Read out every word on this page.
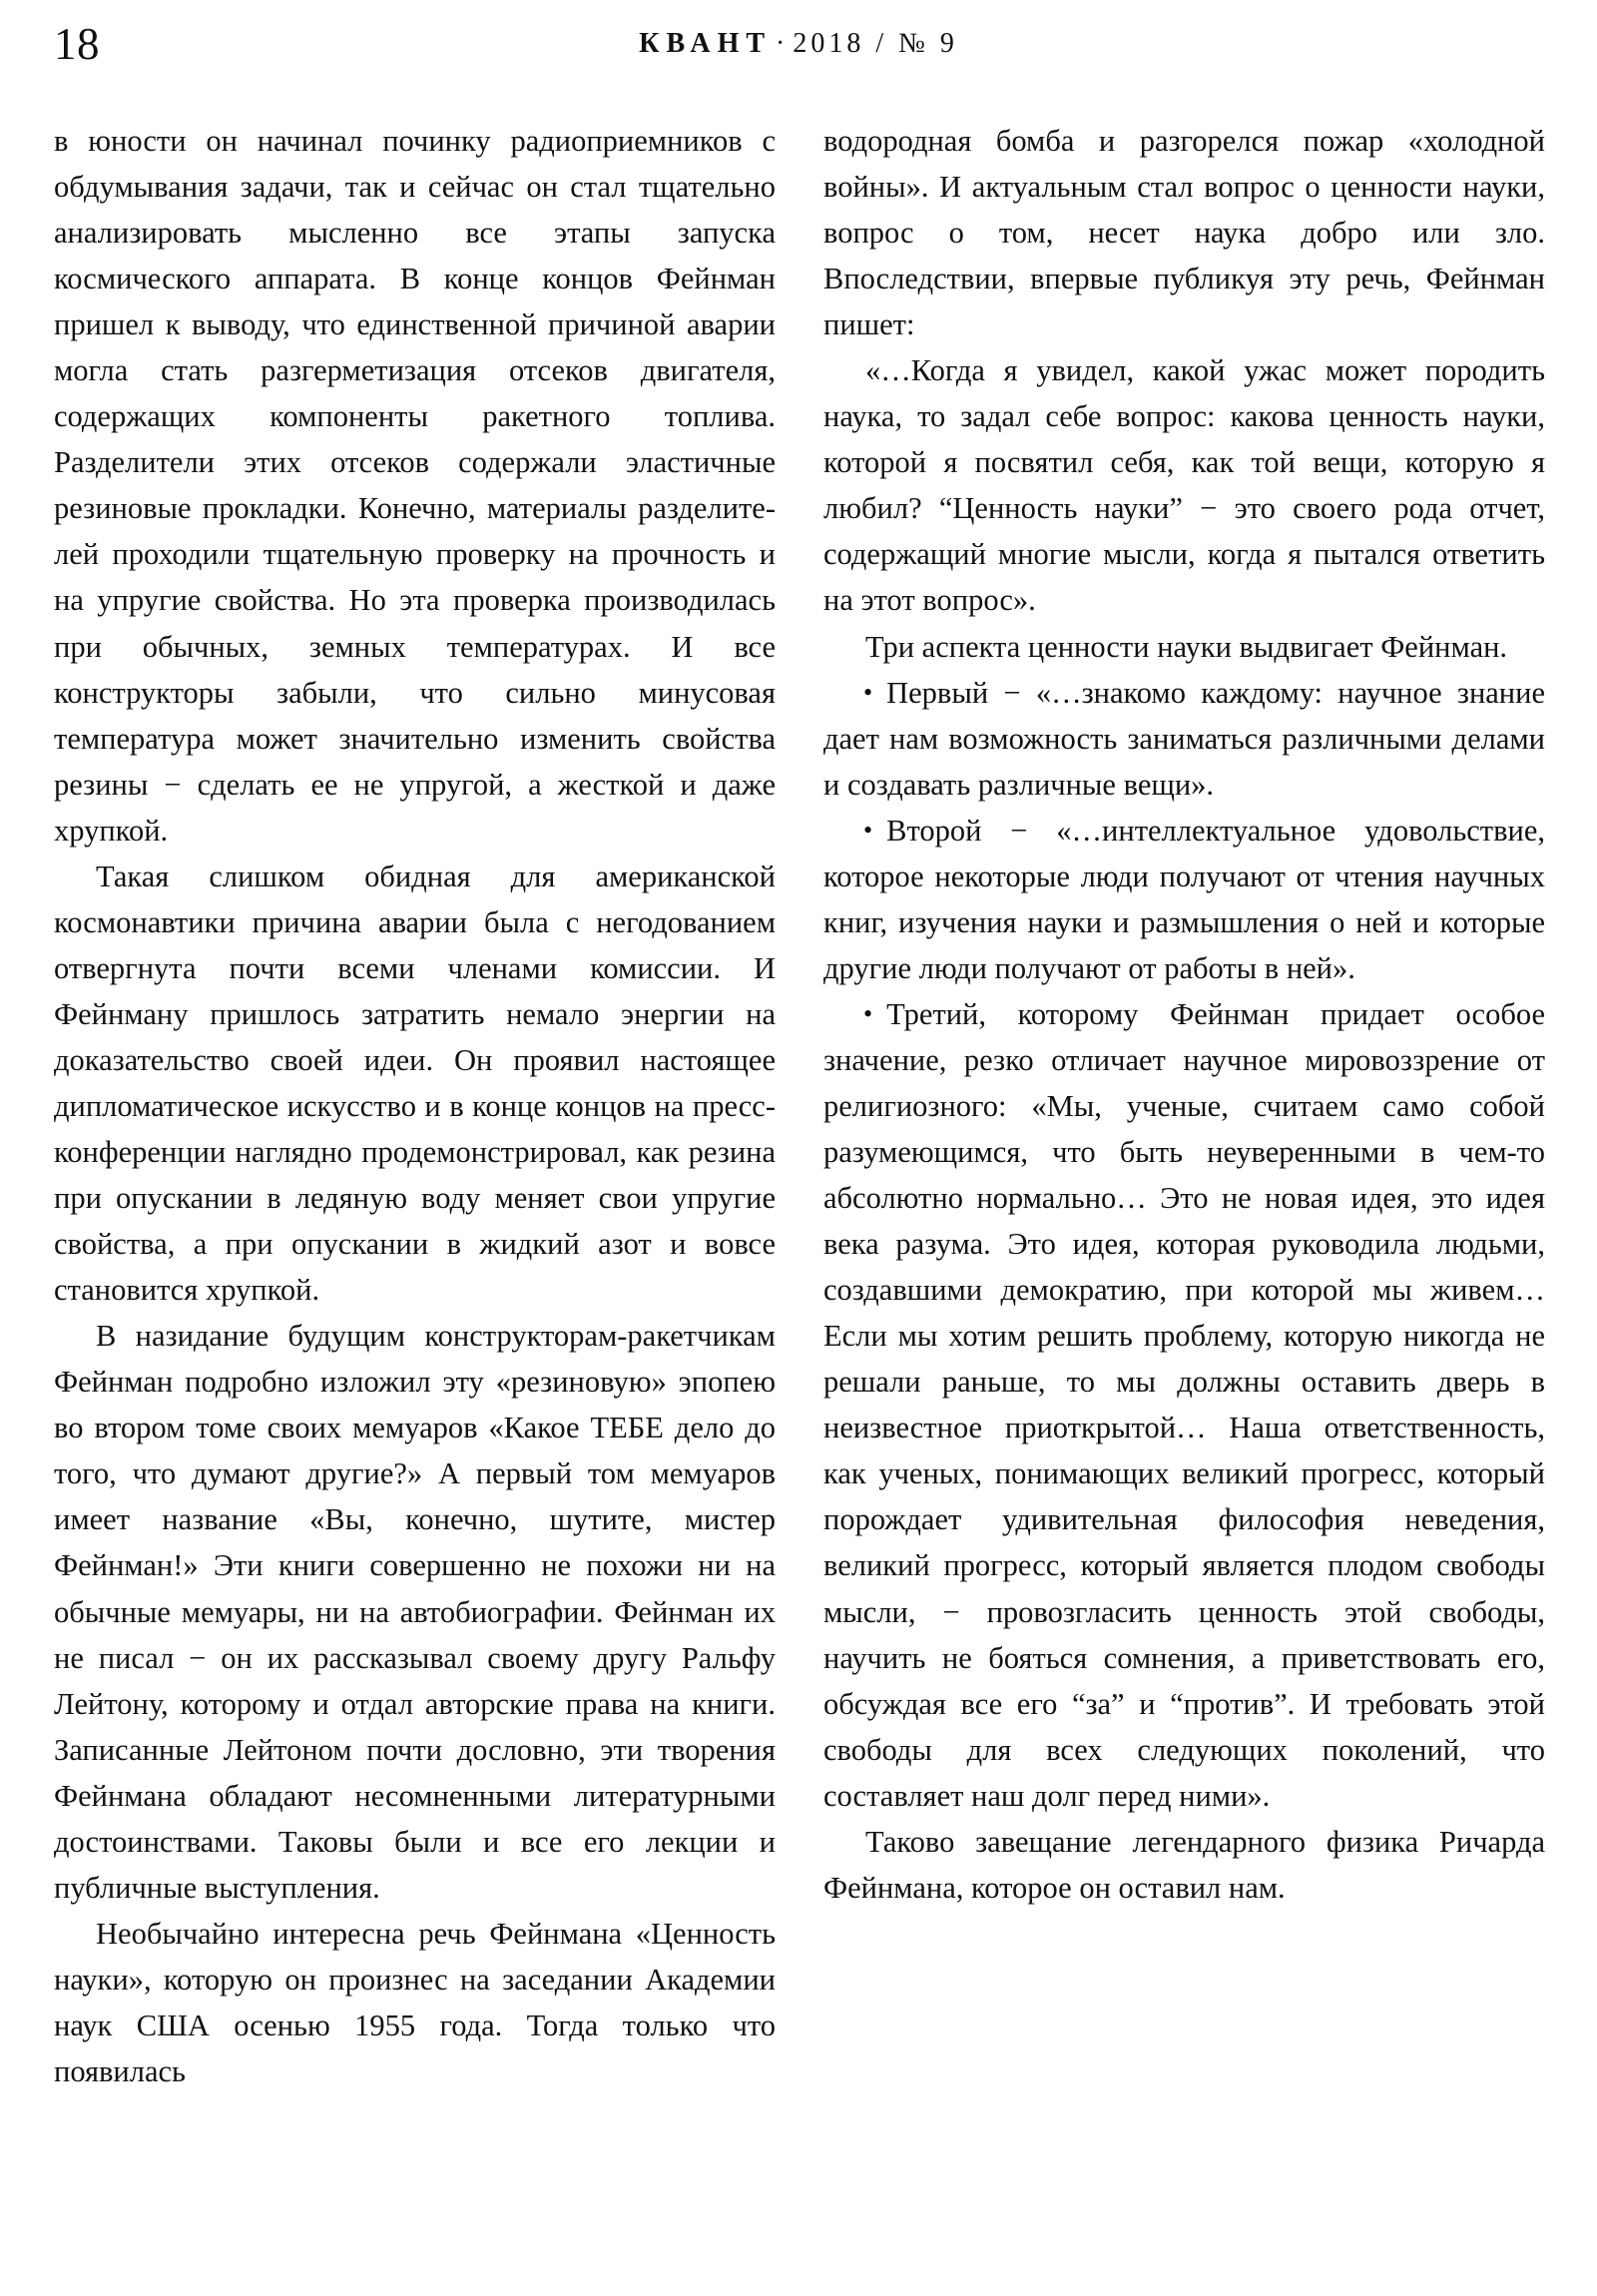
18	КВАНТ · 2018 / № 9

в юности он начинал починку радиоприемников с обдумывания задачи, так и сейчас он стал тщательно анализировать мысленно все этапы запуска космического аппарата. В конце концов Фейнман пришел к выводу, что единственной причиной аварии могла стать разгерметизация отсеков двигателя, содержащих компоненты ракетного топлива. Разделители этих отсеков содержали эластичные резиновые прокладки. Конечно, материалы разделителей проходили тщательную проверку на прочность и на упругие свойства. Но эта проверка производилась при обычных, земных температурах. И все конструкторы забыли, что сильно минусовая температура может значительно изменить свойства резины − сделать ее не упругой, а жесткой и даже хрупкой.

Такая слишком обидная для американской космонавтики причина аварии была с негодованием отвергнута почти всеми членами комиссии. И Фейнману пришлось затратить немало энергии на доказательство своей идеи. Он проявил настоящее дипломатическое искусство и в конце концов на пресс-конференции наглядно продемонстрировал, как резина при опускании в ледяную воду меняет свои упругие свойства, а при опускании в жидкий азот и вовсе становится хрупкой.

В назидание будущим конструкторам-ракетчикам Фейнман подробно изложил эту «резиновую» эпопею во втором томе своих мемуаров «Какое ТЕБЕ дело до того, что думают другие?» А первый том мемуаров имеет название «Вы, конечно, шутите, мистер Фейнман!» Эти книги совершенно не похожи ни на обычные мемуары, ни на автобиографии. Фейнман их не писал − он их рассказывал своему другу Ральфу Лейтону, которому и отдал авторские права на книги. Записанные Лейтоном почти дословно, эти творения Фейнмана обладают несомненными литературными достоинствами. Таковы были и все его лекции и публичные выступления.

Необычайно интересна речь Фейнмана «Ценность науки», которую он произнес на заседании Академии наук США осенью 1955 года. Тогда только что появилась

водородная бомба и разгорелся пожар «холодной войны». И актуальным стал вопрос о ценности науки, вопрос о том, несет наука добро или зло. Впоследствии, впервые публикуя эту речь, Фейнман пишет:

«…Когда я увидел, какой ужас может породить наука, то задал себе вопрос: какова ценность науки, которой я посвятил себя, как той вещи, которую я любил? “Ценность науки” − это своего рода отчет, содержащий многие мысли, когда я пытался ответить на этот вопрос».

Три аспекта ценности науки выдвигает Фейнман.

• Первый − «…знакомо каждому: научное знание дает нам возможность заниматься различными делами и создавать различные вещи».

• Второй − «…интеллектуальное удовольствие, которое некоторые люди получают от чтения научных книг, изучения науки и размышления о ней и которые другие люди получают от работы в ней».

• Третий, которому Фейнман придает особое значение, резко отличает научное мировоззрение от религиозного: «Мы, ученые, считаем само собой разумеющимся, что быть неуверенными в чем-то абсолютно нормально… Это не новая идея, это идея века разума. Это идея, которая руководила людьми, создавшими демократию, при которой мы живем… Если мы хотим решить проблему, которую никогда не решали раньше, то мы должны оставить дверь в неизвестное приоткрытой… Наша ответственность, как ученых, понимающих великий прогресс, который порождает удивительная философия неведения, великий прогресс, который является плодом свободы мысли, − провозгласить ценность этой свободы, научить не бояться сомнения, а приветствовать его, обсуждая все его “за” и “против”. И требовать этой свободы для всех следующих поколений, что составляет наш долг перед ними».

Таково завещание легендарного физика Ричарда Фейнмана, которое он оставил нам.
